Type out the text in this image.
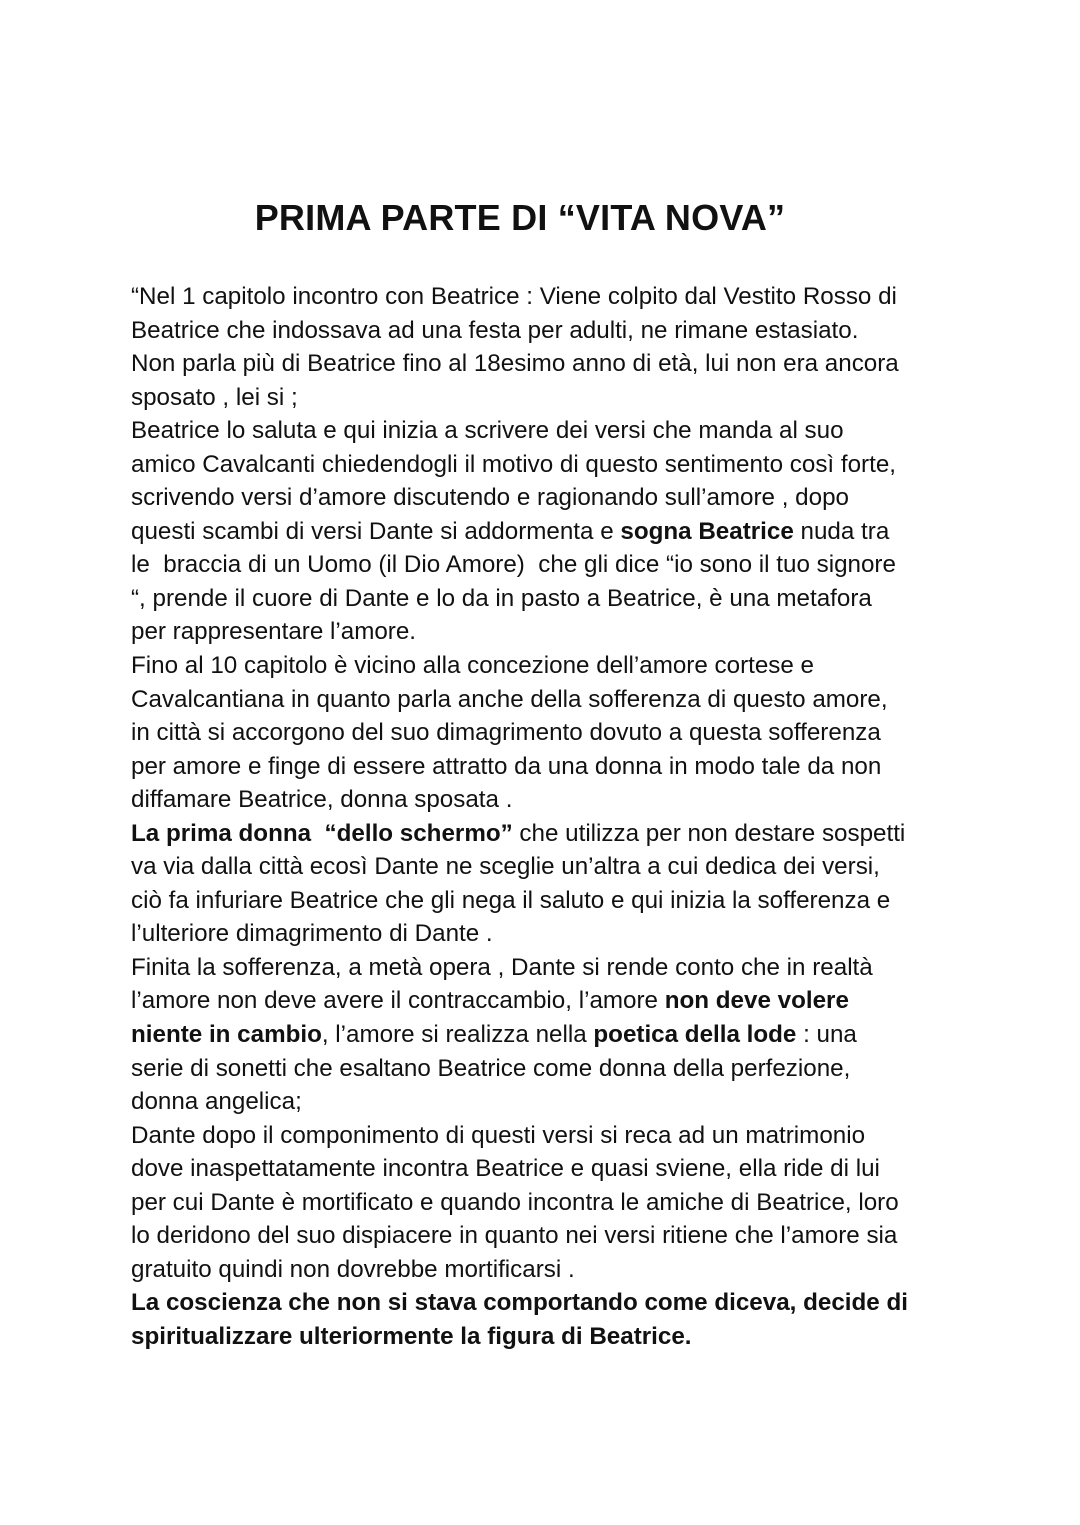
PRIMA PARTE DI “VITA NOVA”
“Nel 1 capitolo incontro con Beatrice : Viene colpito dal Vestito Rosso di
Beatrice che indossava ad una festa per adulti, ne rimane estasiato.
Non parla più di Beatrice fino al 18esimo anno di età, lui non era ancora
sposato , lei si ;
Beatrice lo saluta e qui inizia a scrivere dei versi che manda al suo
amico Cavalcanti chiedendogli il motivo di questo sentimento così forte,
scrivendo versi d’amore discutendo e ragionando sull’amore , dopo
questi scambi di versi Dante si addormenta e sogna Beatrice nuda tra
le  braccia di un Uomo (il Dio Amore)  che gli dice “io sono il tuo signore
“, prende il cuore di Dante e lo da in pasto a Beatrice, è una metafora
per rappresentare l’amore.
Fino al 10 capitolo è vicino alla concezione dell’amore cortese e
Cavalcantiana in quanto parla anche della sofferenza di questo amore,
in città si accorgono del suo dimagrimento dovuto a questa sofferenza
per amore e finge di essere attratto da una donna in modo tale da non
diffamare Beatrice, donna sposata .
La prima donna  “dello schermo” che utilizza per non destare sospetti
va via dalla città ecosì Dante ne sceglie un’altra a cui dedica dei versi,
ciò fa infuriare Beatrice che gli nega il saluto e qui inizia la sofferenza e
l’ulteriore dimagrimento di Dante .
Finita la sofferenza, a metà opera , Dante si rende conto che in realtà
l’amore non deve avere il contraccambio, l’amore non deve volere
niente in cambio, l’amore si realizza nella poetica della lode : una
serie di sonetti che esaltano Beatrice come donna della perfezione,
donna angelica;
Dante dopo il componimento di questi versi si reca ad un matrimonio
dove inaspettatamente incontra Beatrice e quasi sviene, ella ride di lui
per cui Dante è mortificato e quando incontra le amiche di Beatrice, loro
lo deridono del suo dispiacere in quanto nei versi ritiene che l’amore sia
gratuito quindi non dovrebbe mortificarsi .
La coscienza che non si stava comportando come diceva, decide di
spiritualizzare ulteriormente la figura di Beatrice.
